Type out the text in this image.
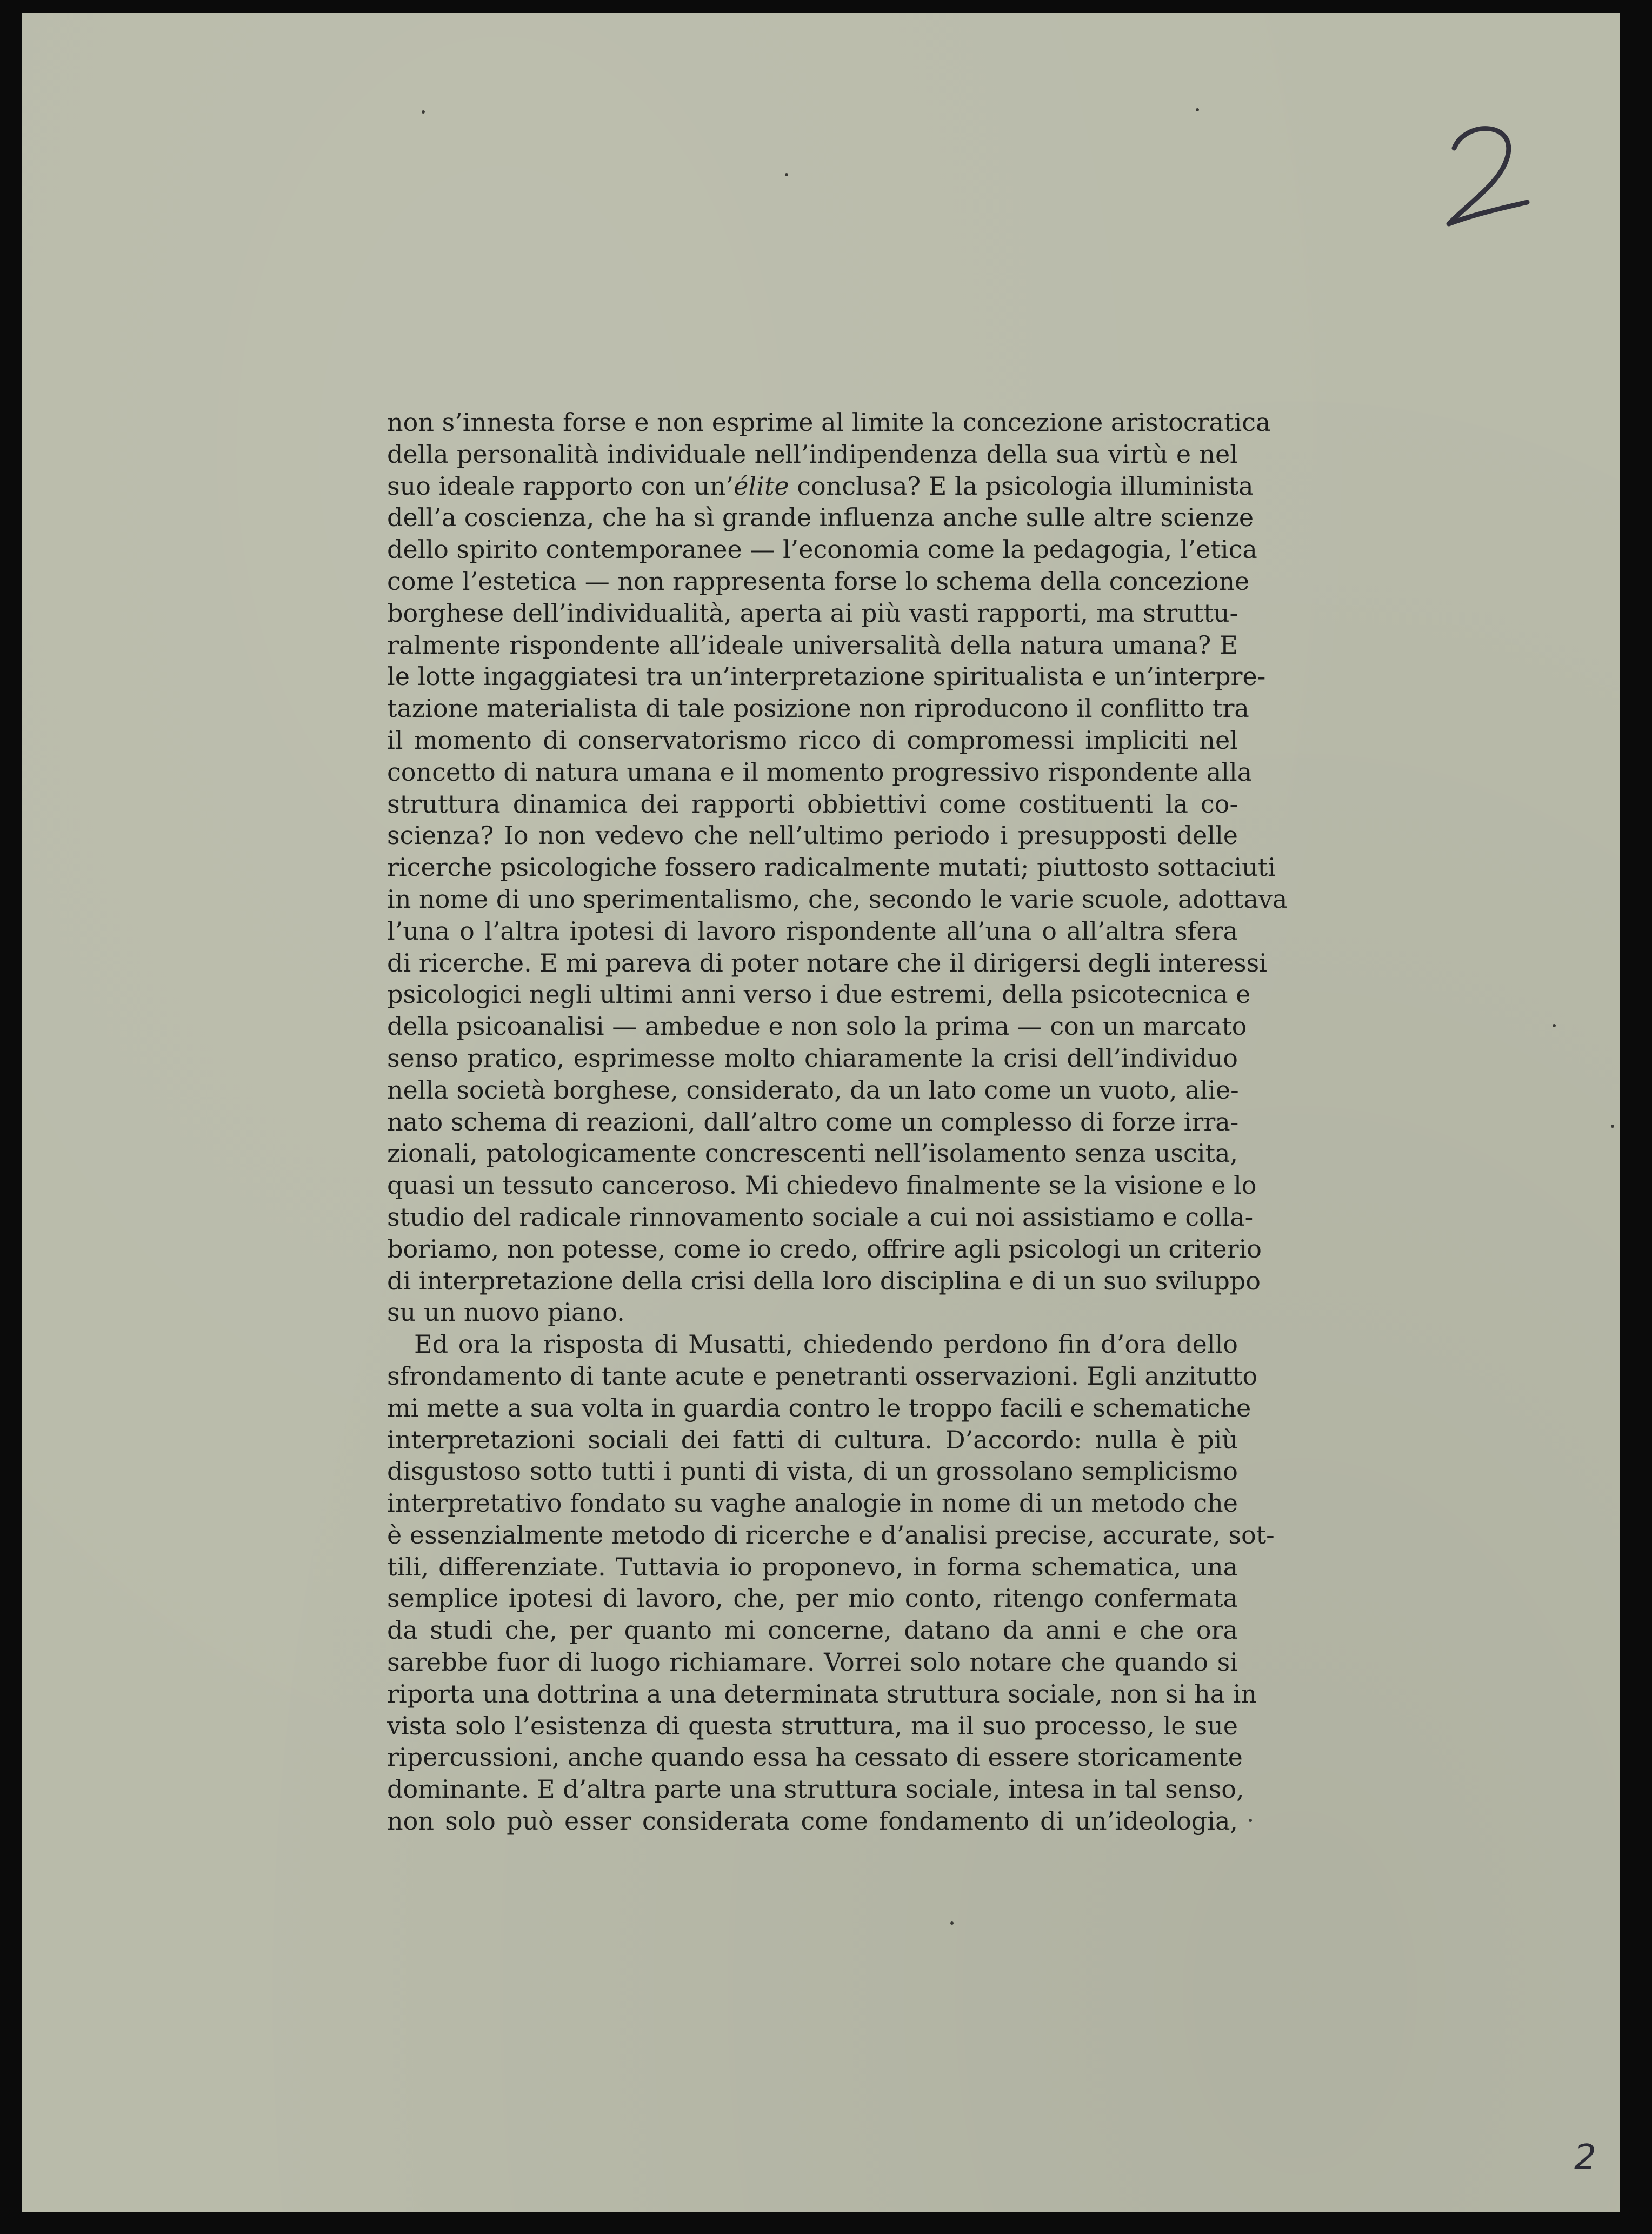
non s’innesta forse e non esprime al limite la concezione aristocratica
della personalità individuale nell’indipendenza della sua virtù e nel
suo ideale rapporto con un’élite conclusa? E la psicologia illuminista
dell’a coscienza, che ha sì grande influenza anche sulle altre scienze
dello spirito contemporanee — l’economia come la pedagogia, l’etica
come l’estetica — non rappresenta forse lo schema della concezione
borghese dell’individualità, aperta ai più vasti rapporti, ma struttu-
ralmente rispondente all’ideale universalità della natura umana? E
le lotte ingaggiatesi tra un’interpretazione spiritualista e un’interpre-
tazione materialista di tale posizione non riproducono il conflitto tra
il momento di conservatorismo ricco di compromessi impliciti nel
concetto di natura umana e il momento progressivo rispondente alla
struttura dinamica dei rapporti obbiettivi come costituenti la co-
scienza? Io non vedevo che nell’ultimo periodo i presupposti delle
ricerche psicologiche fossero radicalmente mutati; piuttosto sottaciuti
in nome di uno sperimentalismo, che, secondo le varie scuole, adottava
l’una o l’altra ipotesi di lavoro rispondente all’una o all’altra sfera
di ricerche. E mi pareva di poter notare che il dirigersi degli interessi
psicologici negli ultimi anni verso i due estremi, della psicotecnica e
della psicoanalisi — ambedue e non solo la prima — con un marcato
senso pratico, esprimesse molto chiaramente la crisi dell’individuo
nella società borghese, considerato, da un lato come un vuoto, alie-
nato schema di reazioni, dall’altro come un complesso di forze irra-
zionali, patologicamente concrescenti nell’isolamento senza uscita,
quasi un tessuto canceroso. Mi chiedevo finalmente se la visione e lo
studio del radicale rinnovamento sociale a cui noi assistiamo e colla-
boriamo, non potesse, come io credo, offrire agli psicologi un criterio
di interpretazione della crisi della loro disciplina e di un suo sviluppo
su un nuovo piano.
Ed ora la risposta di Musatti, chiedendo perdono fin d’ora dello
sfrondamento di tante acute e penetranti osservazioni. Egli anzitutto
mi mette a sua volta in guardia contro le troppo facili e schematiche
interpretazioni sociali dei fatti di cultura. D’accordo: nulla è più
disgustoso sotto tutti i punti di vista, di un grossolano semplicismo
interpretativo fondato su vaghe analogie in nome di un metodo che
è essenzialmente metodo di ricerche e d’analisi precise, accurate, sot-
tili, differenziate. Tuttavia io proponevo, in forma schematica, una
semplice ipotesi di lavoro, che, per mio conto, ritengo confermata
da studi che, per quanto mi concerne, datano da anni e che ora
sarebbe fuor di luogo richiamare. Vorrei solo notare che quando si
riporta una dottrina a una determinata struttura sociale, non si ha in
vista solo l’esistenza di questa struttura, ma il suo processo, le sue
ripercussioni, anche quando essa ha cessato di essere storicamente
dominante. E d’altra parte una struttura sociale, intesa in tal senso,
non solo può esser considerata come fondamento di un’ideologia,
2
